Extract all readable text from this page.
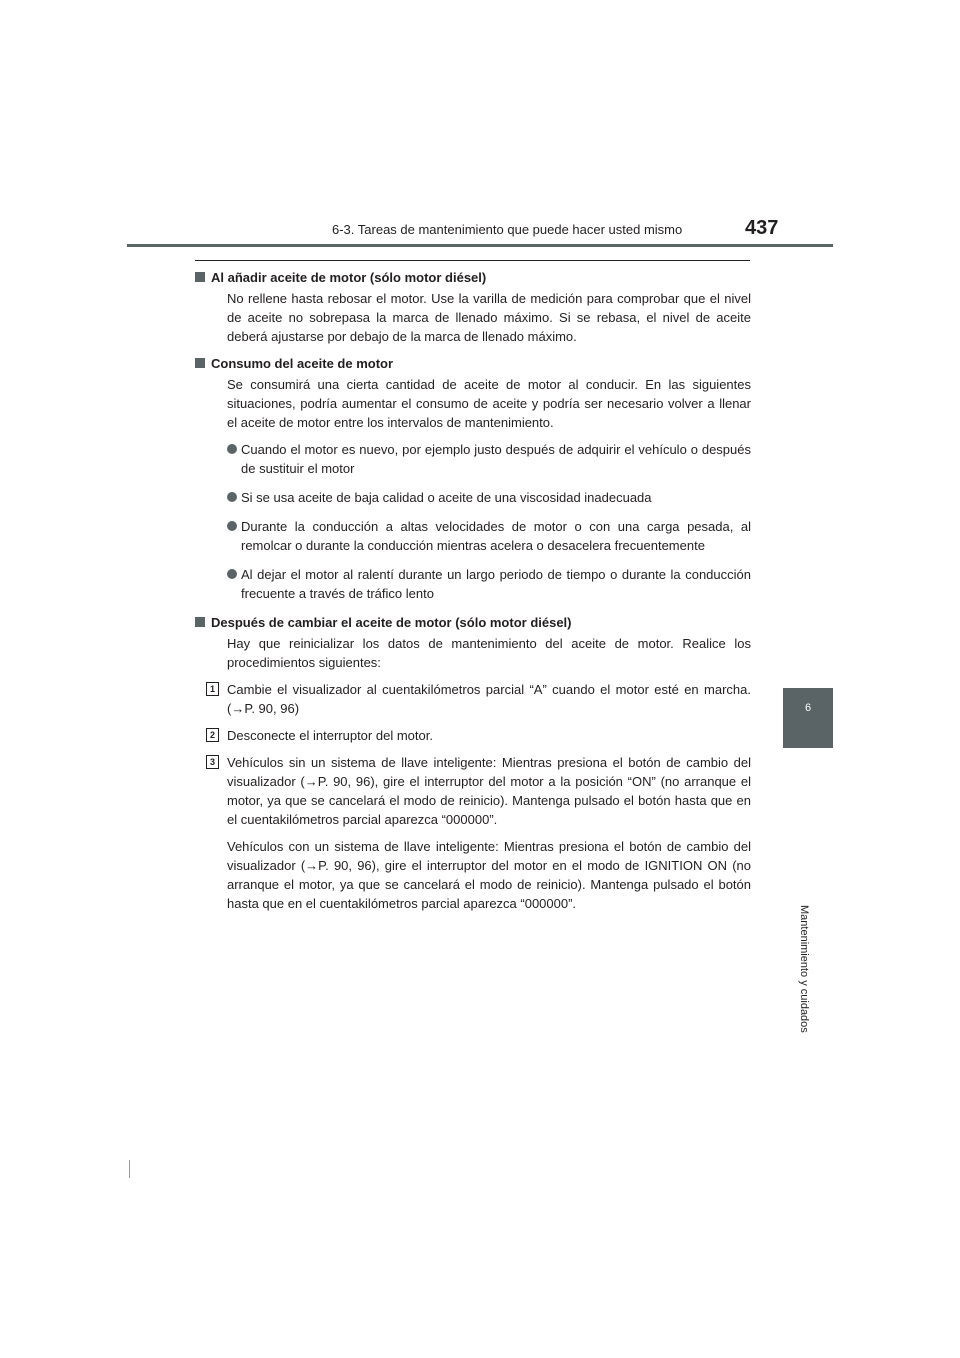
6-3. Tareas de mantenimiento que puede hacer usted mismo	437
6
Mantenimiento y cuidados
Al añadir aceite de motor (sólo motor diésel)
No rellene hasta rebosar el motor. Use la varilla de medición para comprobar que el nivel de aceite no sobrepasa la marca de llenado máximo. Si se rebasa, el nivel de aceite deberá ajustarse por debajo de la marca de llenado máximo.
Consumo del aceite de motor
Se consumirá una cierta cantidad de aceite de motor al conducir. En las siguientes situaciones, podría aumentar el consumo de aceite y podría ser necesario volver a llenar el aceite de motor entre los intervalos de mantenimiento.
Cuando el motor es nuevo, por ejemplo justo después de adquirir el vehículo o después de sustituir el motor
Si se usa aceite de baja calidad o aceite de una viscosidad inadecuada
Durante la conducción a altas velocidades de motor o con una carga pesada, al remolcar o durante la conducción mientras acelera o desacelera frecuentemente
Al dejar el motor al ralentí durante un largo periodo de tiempo o durante la conducción frecuente a través de tráfico lento
Después de cambiar el aceite de motor (sólo motor diésel)
Hay que reinicializar los datos de mantenimiento del aceite de motor. Realice los procedimientos siguientes:
1 Cambie el visualizador al cuentakilómetros parcial “A” cuando el motor esté en marcha. (→P. 90, 96)
2 Desconecte el interruptor del motor.
3 Vehículos sin un sistema de llave inteligente: Mientras presiona el botón de cambio del visualizador (→P. 90, 96), gire el interruptor del motor a la posición “ON” (no arranque el motor, ya que se cancelará el modo de reinicio). Mantenga pulsado el botón hasta que en el cuentakilómetros parcial aparezca “000000”.
Vehículos con un sistema de llave inteligente: Mientras presiona el botón de cambio del visualizador (→P. 90, 96), gire el interruptor del motor en el modo de IGNITION ON (no arranque el motor, ya que se cancelará el modo de reinicio). Mantenga pulsado el botón hasta que en el cuentakilómetros parcial aparezca “000000”.
